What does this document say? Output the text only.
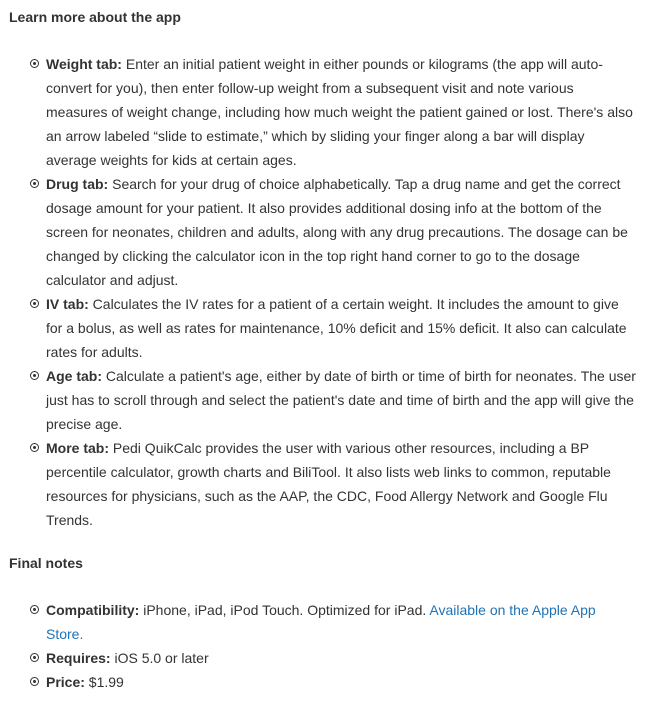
Learn more about the app
Weight tab: Enter an initial patient weight in either pounds or kilograms (the app will auto-convert for you), then enter follow-up weight from a subsequent visit and note various measures of weight change, including how much weight the patient gained or lost. There's also an arrow labeled “slide to estimate,” which by sliding your finger along a bar will display average weights for kids at certain ages.
Drug tab: Search for your drug of choice alphabetically. Tap a drug name and get the correct dosage amount for your patient. It also provides additional dosing info at the bottom of the screen for neonates, children and adults, along with any drug precautions. The dosage can be changed by clicking the calculator icon in the top right hand corner to go to the dosage calculator and adjust.
IV tab: Calculates the IV rates for a patient of a certain weight. It includes the amount to give for a bolus, as well as rates for maintenance, 10% deficit and 15% deficit. It also can calculate rates for adults.
Age tab: Calculate a patient's age, either by date of birth or time of birth for neonates. The user just has to scroll through and select the patient's date and time of birth and the app will give the precise age.
More tab: Pedi QuikCalc provides the user with various other resources, including a BP percentile calculator, growth charts and BiliTool. It also lists web links to common, reputable resources for physicians, such as the AAP, the CDC, Food Allergy Network and Google Flu Trends.
Final notes
Compatibility: iPhone, iPad, iPod Touch. Optimized for iPad. Available on the Apple App Store.
Requires: iOS 5.0 or later
Price: $1.99
